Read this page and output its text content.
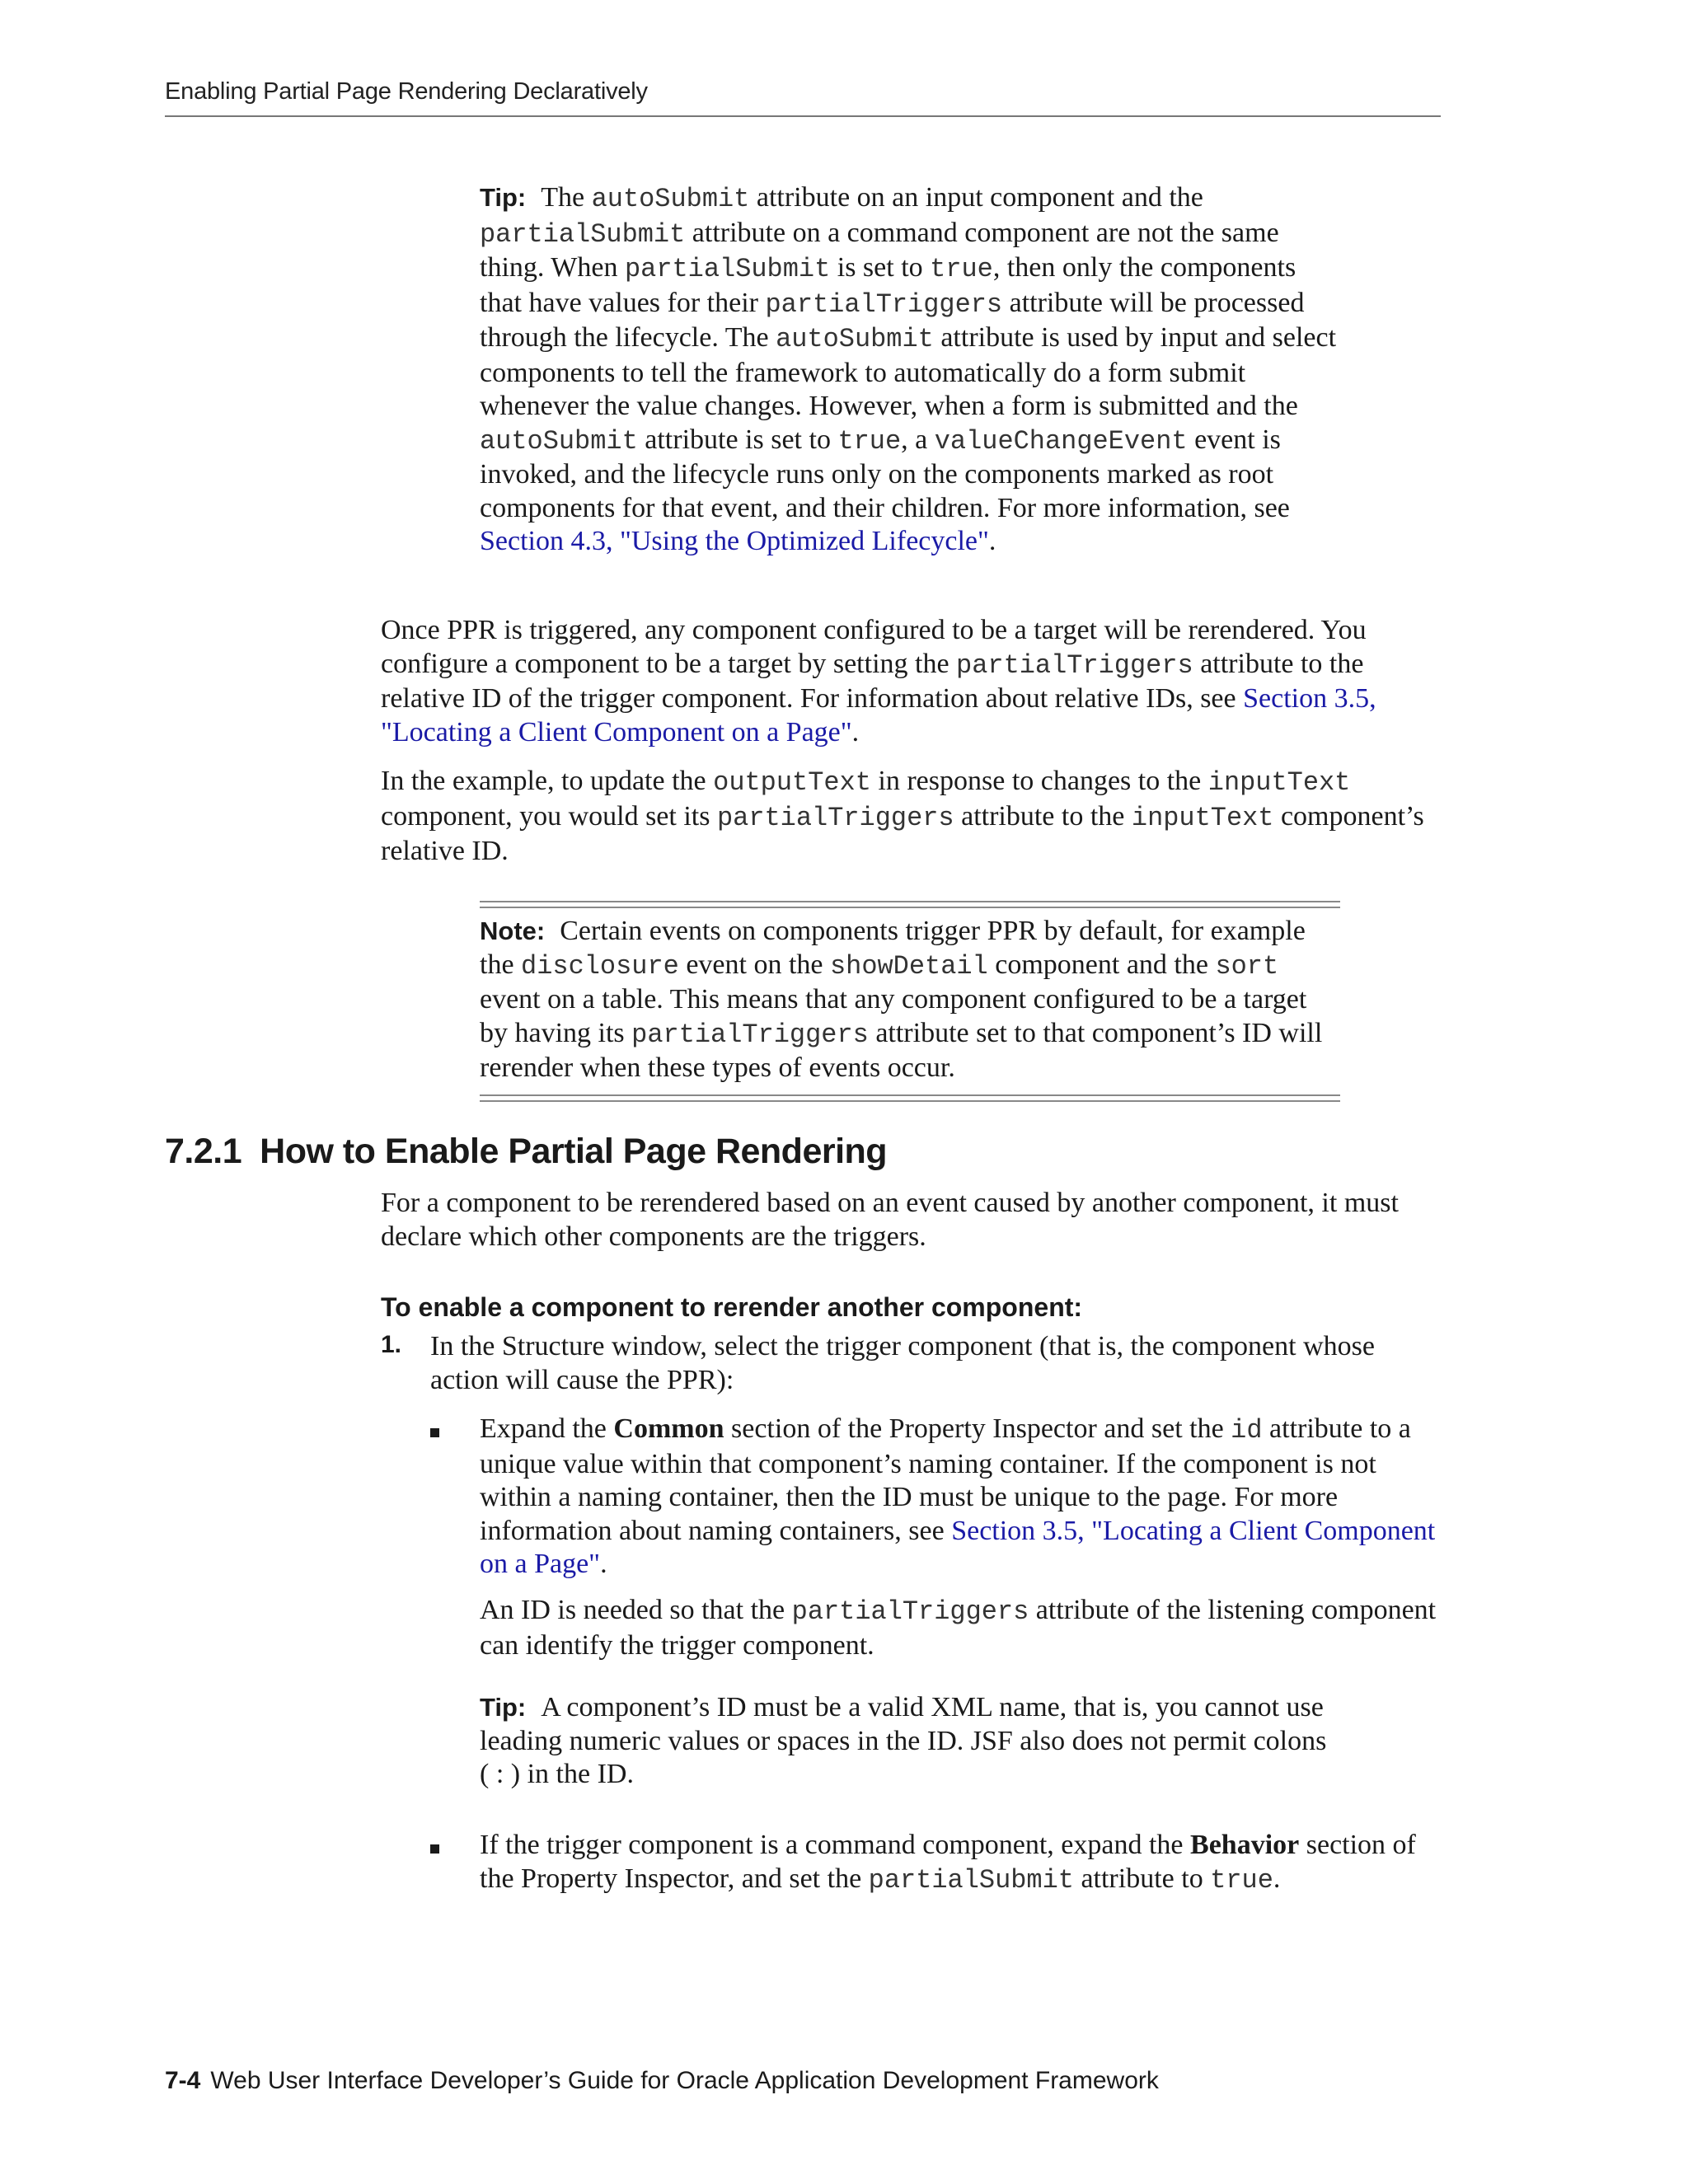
Enabling Partial Page Rendering Declaratively
Tip: The autoSubmit attribute on an input component and the partialSubmit attribute on a command component are not the same thing. When partialSubmit is set to true, then only the components that have values for their partialTriggers attribute will be processed through the lifecycle. The autoSubmit attribute is used by input and select components to tell the framework to automatically do a form submit whenever the value changes. However, when a form is submitted and the autoSubmit attribute is set to true, a valueChangeEvent event is invoked, and the lifecycle runs only on the components marked as root components for that event, and their children. For more information, see Section 4.3, "Using the Optimized Lifecycle".
Once PPR is triggered, any component configured to be a target will be rerendered. You configure a component to be a target by setting the partialTriggers attribute to the relative ID of the trigger component. For information about relative IDs, see Section 3.5, "Locating a Client Component on a Page".
In the example, to update the outputText in response to changes to the inputText component, you would set its partialTriggers attribute to the inputText component’s relative ID.
Note: Certain events on components trigger PPR by default, for example the disclosure event on the showDetail component and the sort event on a table. This means that any component configured to be a target by having its partialTriggers attribute set to that component’s ID will rerender when these types of events occur.
7.2.1 How to Enable Partial Page Rendering
For a component to be rerendered based on an event caused by another component, it must declare which other components are the triggers.
To enable a component to rerender another component:
1. In the Structure window, select the trigger component (that is, the component whose action will cause the PPR):
Expand the Common section of the Property Inspector and set the id attribute to a unique value within that component’s naming container. If the component is not within a naming container, then the ID must be unique to the page. For more information about naming containers, see Section 3.5, "Locating a Client Component on a Page".
An ID is needed so that the partialTriggers attribute of the listening component can identify the trigger component.
Tip: A component’s ID must be a valid XML name, that is, you cannot use leading numeric values or spaces in the ID. JSF also does not permit colons ( : ) in the ID.
If the trigger component is a command component, expand the Behavior section of the Property Inspector, and set the partialSubmit attribute to true.
7-4 Web User Interface Developer’s Guide for Oracle Application Development Framework
